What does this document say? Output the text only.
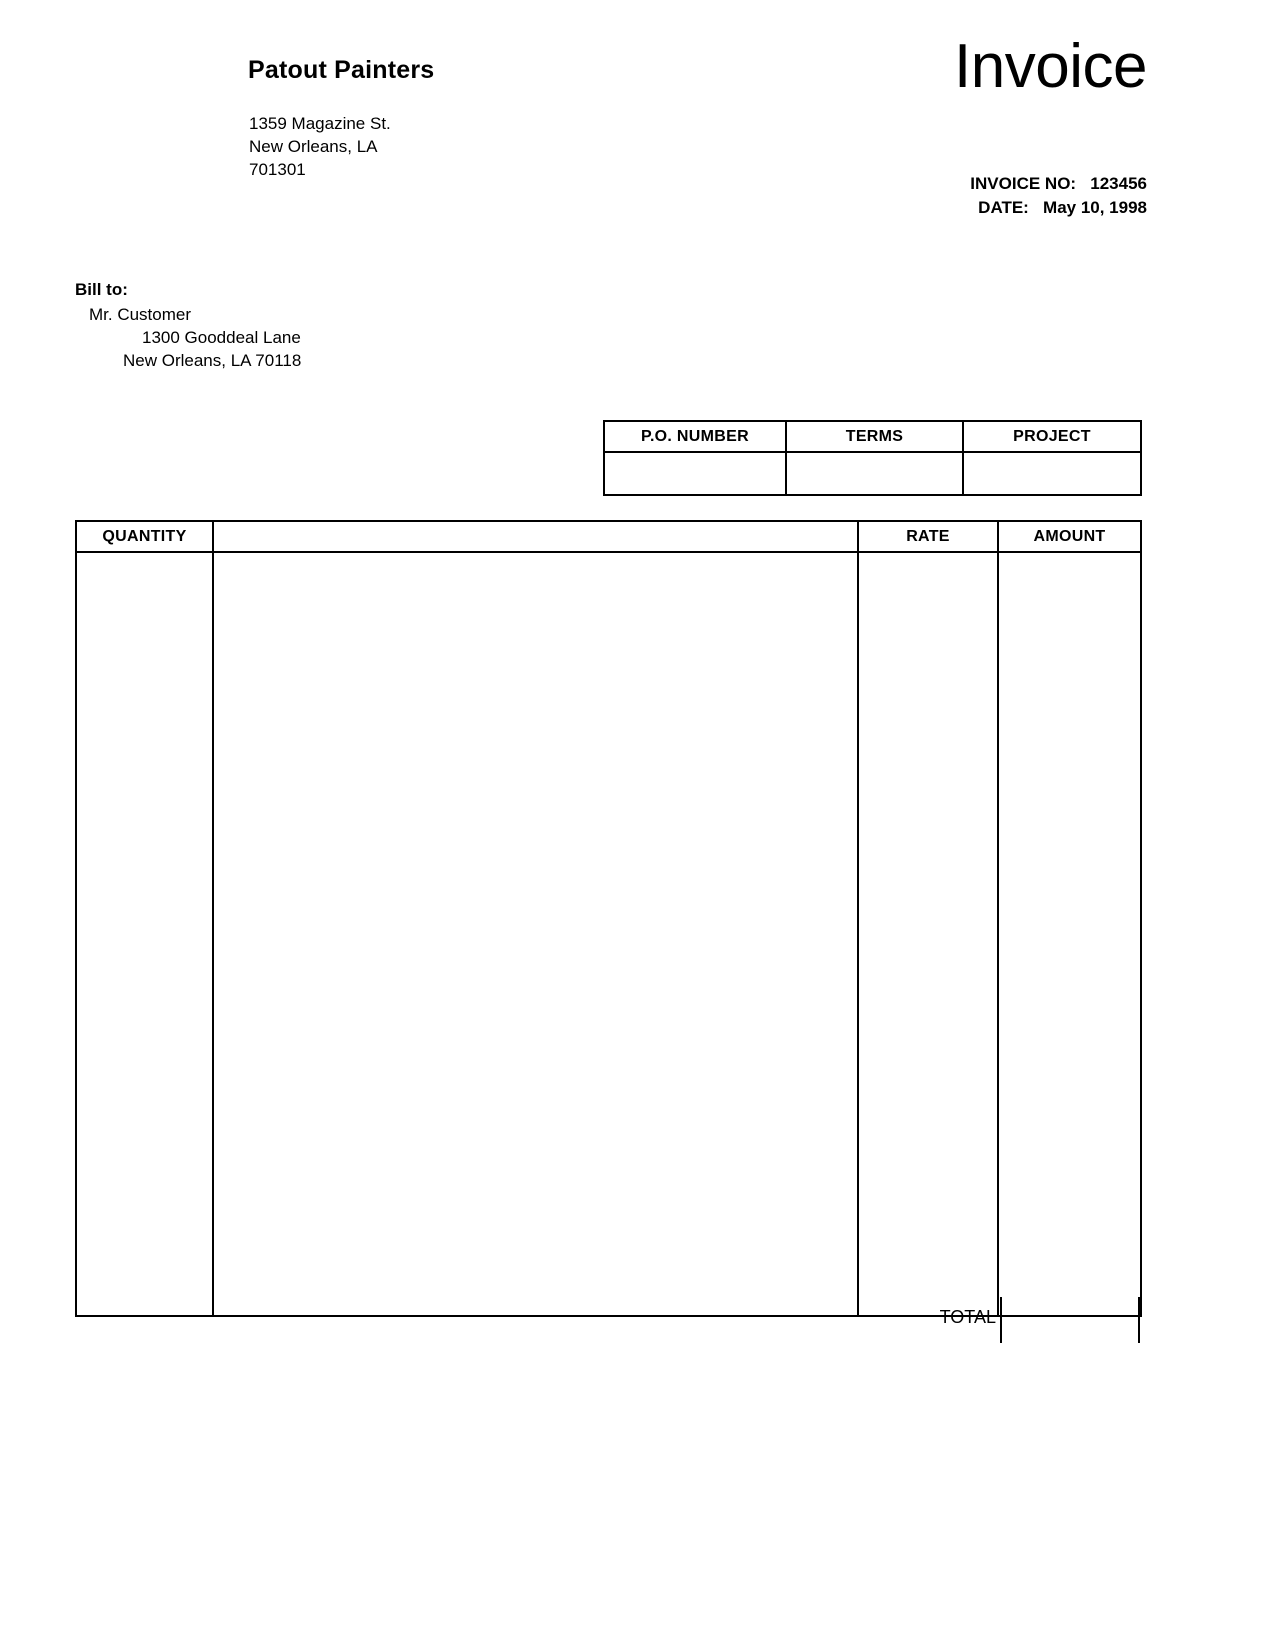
Patout Painters
1359 Magazine St.
New Orleans, LA
701301
Invoice
INVOICE NO:   123456
DATE:   May 10, 1998
Bill to:
Mr. Customer
1300 Gooddeal Lane
New Orleans, LA 70118
P.O. NUMBER	TERMS	PROJECT

QUANTITY		RATE	AMOUNT

TOTAL
